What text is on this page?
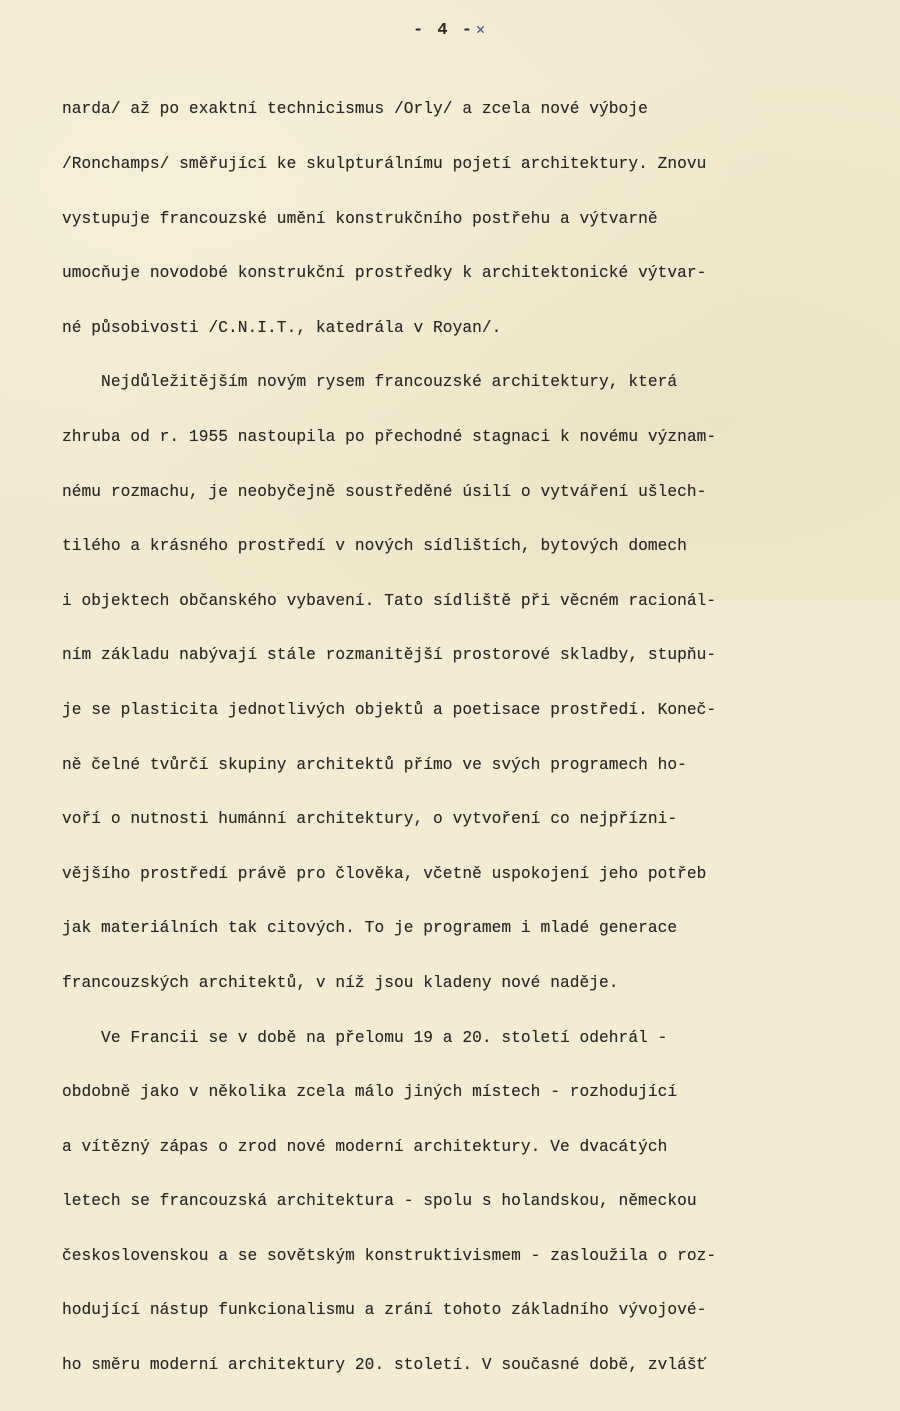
- 4 - ✕

narda/ až po exaktní technicismus /Orly/ a zcela nové výboje

/Ronchamps/ směřující ke skulpturálnímu pojetí architektury. Znovu

vystupuje francouzské umění konstrukčního postřehu a výtvarně

umocňuje novodobé konstrukční prostředky k architektonické výtvar-

né působivosti /C.N.I.T., katedrála v Royan/.

Nejdůležitějším novým rysem francouzské architektury, která

zhruba od r. 1955 nastoupila po přechodné stagnaci k novému význam-

nému rozmachu, je neobyčejně soustředěné úsilí o vytváření ušlech-

tilého a krásného prostředí v nových sídlištích, bytových domech

i objektech občanského vybavení. Tato sídliště při věcném racionál-

ním základu nabývají stále rozmanitější prostorové skladby, stupňu-

je se plasticita jednotlivých objektů a poetisace prostředí. Koneč-

ně čelné tvůrčí skupiny architektů přímo ve svých programech ho-

voří o nutnosti humánní architektury, o vytvoření co nejpřízni-

vějšího prostředí právě pro člověka, včetně uspokojení jeho potřeb

jak materiálních tak citových. To je programem i mladé generace

francouzských architektů, v níž jsou kladeny nové naděje.

Ve Francii se v době na přelomu 19 a 20. století odehrál -

obdobně jako v několika zcela málo jiných místech - rozhodující

a vítězný zápas o zrod nové moderní architektury. Ve dvacátých

letech se francouzská architektura - spolu s holandskou, německou

československou a se sovětským konstruktivismem - zasloužila o roz-

hodující nástup funkcionalismu a zrání tohoto základního vývojové-

ho směru moderní architektury 20. století. V současné době, zvlášť
